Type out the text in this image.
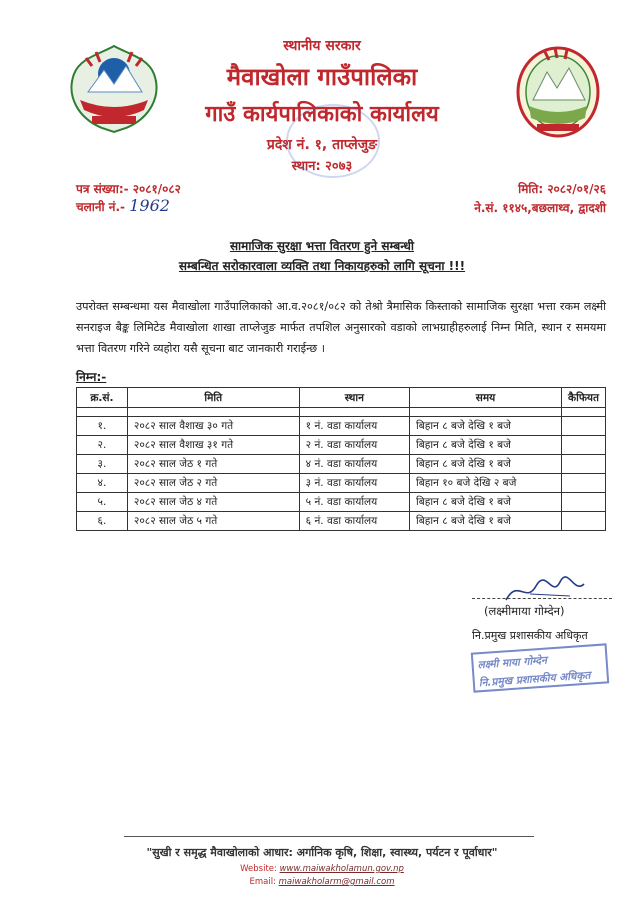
स्थानीय सरकार
मैवाखोला गाउँपालिका
गाउँ कार्यपालिकाको कार्यालय
प्रदेश नं. १, ताप्लेजुङ
स्थान: २०७३
पत्र संख्या:- २०८१/०८२
चलानी नं.- 1962
मिति: २०८२/०१/२६
ने.सं. ११४५,बछलाथ्व, द्वादशी
सामाजिक सुरक्षा भत्ता वितरण हुने सम्बन्धी
सम्बन्धित सरोकारवाला व्यक्ति तथा निकायहरुको लागि सूचना !!!
उपरोक्त सम्बन्धमा यस मैवाखोला गाउँपालिकाको आ.व.२०८१/०८२ को तेश्रो त्रैमासिक किस्ताको सामाजिक सुरक्षा भत्ता रकम लक्ष्मी सनराइज बैङ्क लिमिटेड मैवाखोला शाखा ताप्लेजुङ मार्फत तपशिल अनुसारको वडाको लाभग्राहीहरुलाई निम्न मिति, स्थान र समयमा भत्ता वितरण गरिने व्यहोरा यसै सूचना बाट जानकारी गराईन्छ ।
निम्न:-
क्र.सं.	मिति	स्थान	समय	कैफियत

१.	२०८२ साल वैशाख ३० गते	१ नं. वडा कार्यालय	बिहान ८ बजे देखि १ बजे	
२.	२०८२ साल वैशाख ३१ गते	२ नं. वडा कार्यालय	बिहान ८ बजे देखि १ बजे	
३.	२०८२ साल जेठ १ गते	४ नं. वडा कार्यालय	बिहान ८ बजे देखि १ बजे	
४.	२०८२ साल जेठ २ गते	३ नं. वडा कार्यालय	बिहान १० बजे देखि २ बजे	
५.	२०८२ साल जेठ ४ गते	५ नं. वडा कार्यालय	बिहान ८ बजे देखि १ बजे	
६.	२०८२ साल जेठ ५ गते	६ नं. वडा कार्यालय	बिहान ८ बजे देखि १ बजे	
(लक्ष्मीमाया गोम्देन)
नि.प्रमुख प्रशासकीय अधिकृत
लक्ष्मी माया गोम्देन
नि.प्रमुख प्रशासकीय अधिकृत
"सुखी र समृद्ध मैवाखोलाको आधार: अर्गानिक कृषि, शिक्षा, स्वास्थ्य, पर्यटन र पूर्वाधार"
Website: www.maiwakholamun.gov.np
Email: maiwakholarm@gmail.com
